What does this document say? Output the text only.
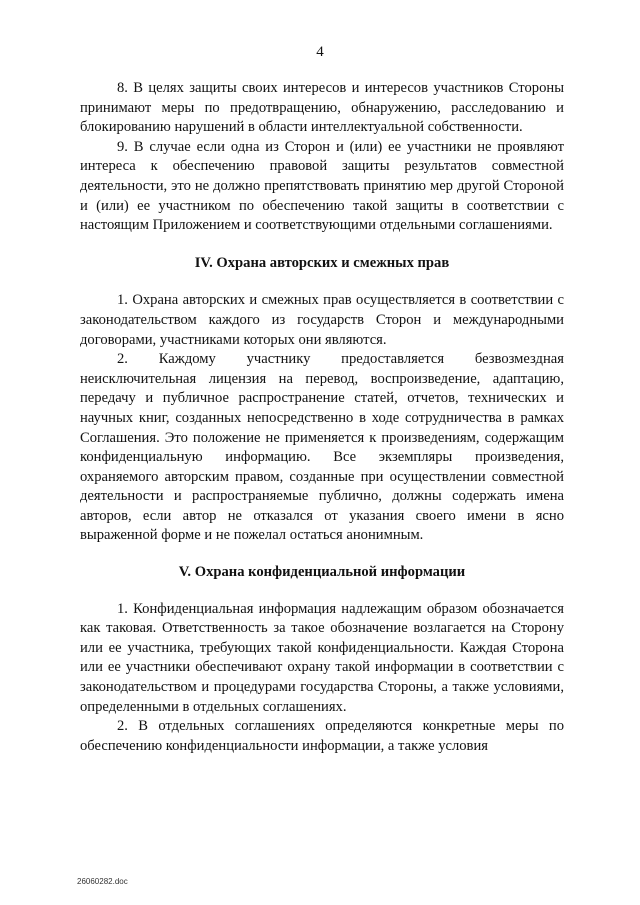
4

8. В целях защиты своих интересов и интересов участников Стороны принимают меры по предотвращению, обнаружению, расследованию и блокированию нарушений в области интеллектуальной собственности.

9. В случае если одна из Сторон и (или) ее участники не проявляют интереса к обеспечению правовой защиты результатов совместной деятельности, это не должно препятствовать принятию мер другой Стороной и (или) ее участником по обеспечению такой защиты в соответствии с настоящим Приложением и соответствующими отдельными соглашениями.

IV. Охрана авторских и смежных прав

1. Охрана авторских и смежных прав осуществляется в соответствии с законодательством каждого из государств Сторон и международными договорами, участниками которых они являются.

2. Каждому участнику предоставляется безвозмездная неисключительная лицензия на перевод, воспроизведение, адаптацию, передачу и публичное распространение статей, отчетов, технических и научных книг, созданных непосредственно в ходе сотрудничества в рамках Соглашения. Это положение не применяется к произведениям, содержащим конфиденциальную информацию. Все экземпляры произведения, охраняемого авторским правом, созданные при осуществлении совместной деятельности и распространяемые публично, должны содержать имена авторов, если автор не отказался от указания своего имени в ясно выраженной форме и не пожелал остаться анонимным.

V. Охрана конфиденциальной информации

1. Конфиденциальная информация надлежащим образом обозначается как таковая. Ответственность за такое обозначение возлагается на Сторону или ее участника, требующих такой конфиденциальности. Каждая Сторона или ее участники обеспечивают охрану такой информации в соответствии с законодательством и процедурами государства Стороны, а также условиями, определенными в отдельных соглашениях.

2. В отдельных соглашениях определяются конкретные меры по обеспечению конфиденциальности информации, а также условия

26060282.doc
